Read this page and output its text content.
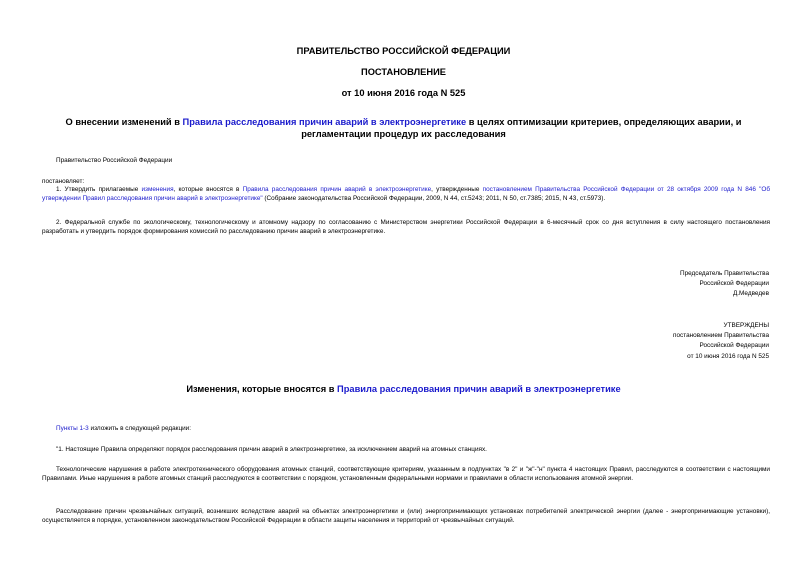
ПРАВИТЕЛЬСТВО РОССИЙСКОЙ ФЕДЕРАЦИИ
ПОСТАНОВЛЕНИЕ
от 10 июня 2016 года N 525
О внесении изменений в Правила расследования причин аварий в электроэнергетике в целях оптимизации критериев, определяющих аварии, и регламентации процедур их расследования
Правительство Российской Федерации
постановляет:
1. Утвердить прилагаемые изменения, которые вносятся в Правила расследования причин аварий в электроэнергетике, утвержденные постановлением Правительства Российской Федерации от 28 октября 2009 года N 846 "Об утверждении Правил расследования причин аварий в электроэнергетике" (Собрание законодательства Российской Федерации, 2009, N 44, ст.5243; 2011, N 50, ст.7385; 2015, N 43, ст.5973).
2. Федеральной службе по экологическому, технологическому и атомному надзору по согласованию с Министерством энергетики Российской Федерации в 6-месячный срок со дня вступления в силу настоящего постановления разработать и утвердить порядок формирования комиссий по расследованию причин аварий в электроэнергетике.
Председатель Правительства
Российской Федерации
Д.Медведев
УТВЕРЖДЕНЫ
постановлением Правительства
Российской Федерации
от 10 июня 2016 года N 525
Изменения, которые вносятся в Правила расследования причин аварий в электроэнергетике
Пункты 1-3 изложить в следующей редакции:
"1. Настоящие Правила определяют порядок расследования причин аварий в электроэнергетике, за исключением аварий на атомных станциях.
Технологические нарушения в работе электротехнического оборудования атомных станций, соответствующие критериям, указанным в подпунктах "в 2" и "ж"-"н" пункта 4 настоящих Правил, расследуются в соответствии с настоящими Правилами. Иные нарушения в работе атомных станций расследуются в соответствии с порядком, установленным федеральными нормами и правилами в области использования атомной энергии.
Расследование причин чрезвычайных ситуаций, возникших вследствие аварий на объектах электроэнергетики и (или) энергопринимающих установках потребителей электрической энергии (далее - энергопринимающие установки), осуществляется в порядке, установленном законодательством Российской Федерации в области защиты населения и территорий от чрезвычайных ситуаций.
